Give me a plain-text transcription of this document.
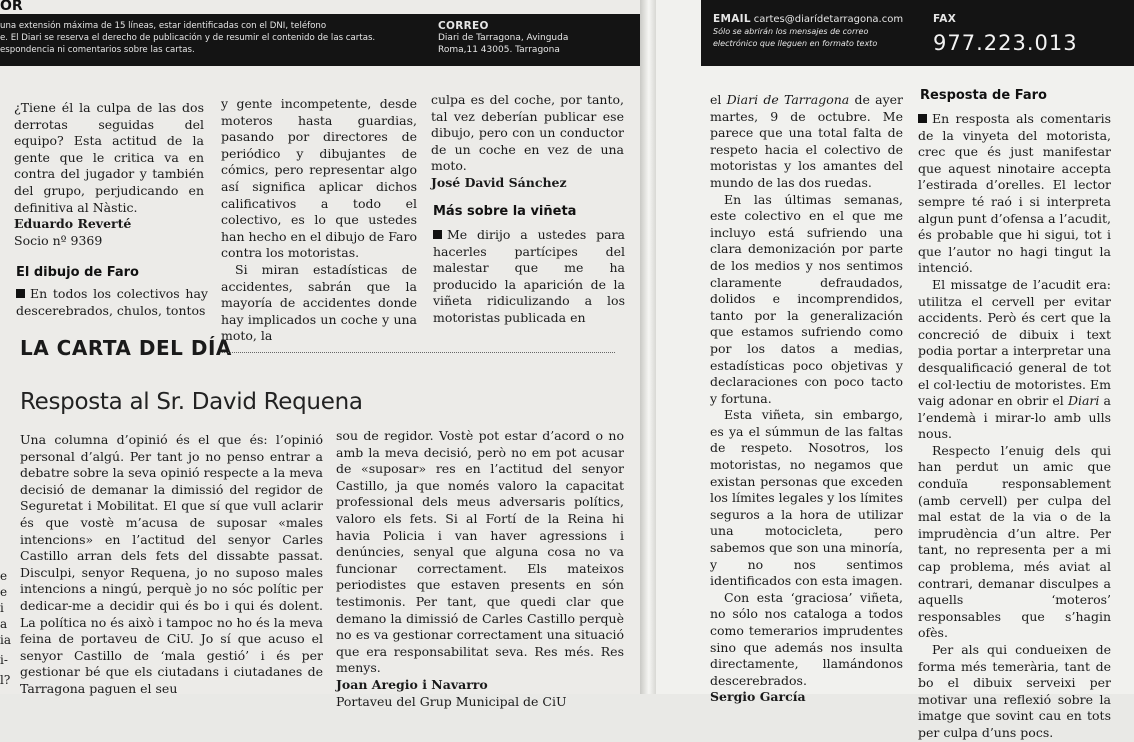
OR
una extensión máxima de 15 líneas, estar identificadas con el DNI, teléfono
e. El Diari se reserva el derecho de publicación y de resumir el contenido de las cartas.
espondencia ni comentarios sobre las cartas.
CORREO
Diari de Tarragona, Avinguda
Roma,11 43005. Tarragona
EMAIL cartes@diarídetarragona.com
Sólo se abrirán los mensajes de correo
electrónico que lleguen en formato texto
FAX
977.223.013

¿Tiene él la culpa de las dos derrotas seguidas del equipo? Esta actitud de la gente que le critica va en contra del jugador y también del grupo, perjudicando en definitiva al Nàstic.

Eduardo Reverté

Socio nº 9369

El dibujo de Faro

En todos los colectivos hay descerebrados, chulos, tontos

y gente incompetente, desde moteros hasta guardias, pasando por directores de periódico y dibujantes de cómics, pero representar algo así significa aplicar dichos calificativos a todo el colectivo, es lo que ustedes han hecho en el dibujo de Faro contra los motoristas.

Si miran estadísticas de accidentes, sabrán que la mayoría de accidentes donde hay implicados un coche y una moto, la

culpa es del coche, por tanto, tal vez deberían publicar ese dibujo, pero con un conductor de un coche en vez de una moto.

José David Sánchez

Más sobre la viñeta

Me dirijo a ustedes para hacerles partícipes del malestar que me ha producido la aparición de la viñeta ridiculizando a los motoristas publicada en

LA CARTA DEL DÍA
Resposta al Sr. David Requena

Una columna d’opinió és el que és: l’opinió personal d’algú. Per tant jo no penso entrar a debatre sobre la seva opinió respecte a la meva decisió de demanar la dimissió del regidor de Seguretat i Mobilitat. El que sí que vull aclarir és que vostè m’acusa de suposar «males intencions» en l’actitud del senyor Carles Castillo arran dels fets del dissabte passat. Disculpi, senyor Requena, jo no suposo males intencions a ningú, perquè jo no sóc polític per dedicar-me a decidir qui és bo i qui és dolent. La política no és això i tampoc no ho és la meva feina de portaveu de CiU. Jo sí que acuso el senyor Castillo de ‘mala gestió’ i és per gestionar bé que els ciutadans i ciutadanes de Tarragona paguen el seu

sou de regidor. Vostè pot estar d’acord o no amb la meva decisió, però no em pot acusar de «suposar» res en l’actitud del senyor Castillo, ja que només valoro la capacitat professional dels meus adversaris polítics, valoro els fets. Si al Fortí de la Reina hi havia Policia i van haver agressions i denúncies, senyal que alguna cosa no va funcionar correctament. Els mateixos periodistes que estaven presents en són testimonis. Per tant, que quedi clar que demano la dimissió de Carles Castillo perquè no es va gestionar correctament una situació que era responsabilitat seva. Res més. Res menys.

Joan Aregio i Navarro

Portaveu del Grup Municipal de CiU

e
e
i
a
ia
i-
l?

el Diari de Tarragona de ayer martes, 9 de octubre. Me parece que una total falta de respeto hacia el colectivo de motoristas y los amantes del mundo de las dos ruedas.

En las últimas semanas, este colectivo en el que me incluyo está sufriendo una clara demonización por parte de los medios y nos sentimos claramente defraudados, dolidos e incomprendidos, tanto por la generalización que estamos sufriendo como por los datos a medias, estadísticas poco objetivas y declaraciones con poco tacto y fortuna.

Esta viñeta, sin embargo, es ya el súmmun de las faltas de respeto. Nosotros, los motoristas, no negamos que existan personas que exceden los límites legales y los límites seguros a la hora de utilizar una motocicleta, pero sabemos que son una minoría, y no nos sentimos identificados con esta imagen.

Con esta ‘graciosa’ viñeta, no sólo nos cataloga a todos como temerarios imprudentes sino que además nos insulta directamente, llamándonos descerebrados.

Sergio García

Resposta de Faro

En resposta als comentaris de la vinyeta del motorista, crec que és just manifestar que aquest ninotaire accepta l’estirada d’orelles. El lector sempre té raó i si interpreta algun punt d’ofensa a l’acudit, és probable que hi sigui, tot i que l’autor no hagi tingut la intenció.

El missatge de l’acudit era: utilitza el cervell per evitar accidents. Però és cert que la concreció de dibuix i text podia portar a interpretar una desqualificació general de tot el col·lectiu de motoristes. Em vaig adonar en obrir el Diari a l’endemà i mirar-lo amb ulls nous.

Respecto l’enuig dels qui han perdut un amic que conduïa responsablement (amb cervell) per culpa del mal estat de la via o de la imprudència d’un altre. Per tant, no representa per a mi cap problema, més aviat al contrari, demanar disculpes a aquells ‘moteros’ responsables que s’hagin ofès.

Per als qui condueixen de forma més temerària, tant de bo el dibuix serveixi per motivar una reflexió sobre la imatge que sovint cau en tots per culpa d’uns pocs.
